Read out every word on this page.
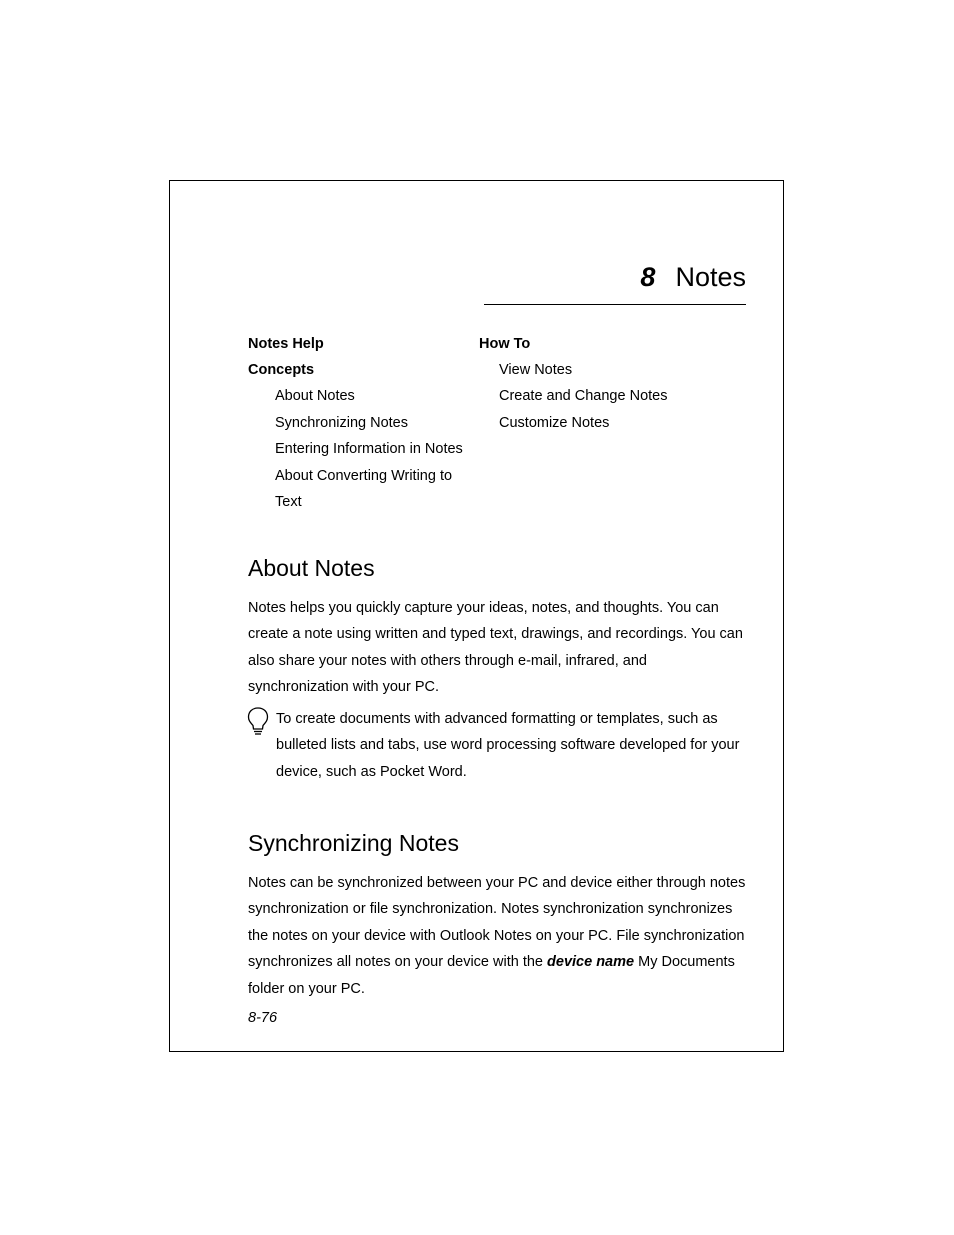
8 Notes
Notes Help
Concepts
About Notes
Synchronizing Notes
Entering Information in Notes
About Converting Writing to
Text
How To
View Notes
Create and Change Notes
Customize Notes
About Notes
Notes helps you quickly capture your ideas, notes, and thoughts. You can
create a note using written and typed text, drawings, and recordings. You can
also share your notes with others through e-mail, infrared, and
synchronization with your PC.
To create documents with advanced formatting or templates, such as
bulleted lists and tabs, use word processing software developed for your
device, such as Pocket Word.
Synchronizing Notes
Notes can be synchronized between your PC and device either through notes
synchronization or file synchronization. Notes synchronization synchronizes
the notes on your device with Outlook Notes on your PC. File synchronization
synchronizes all notes on your device with the device name My Documents
folder on your PC.
8-76
